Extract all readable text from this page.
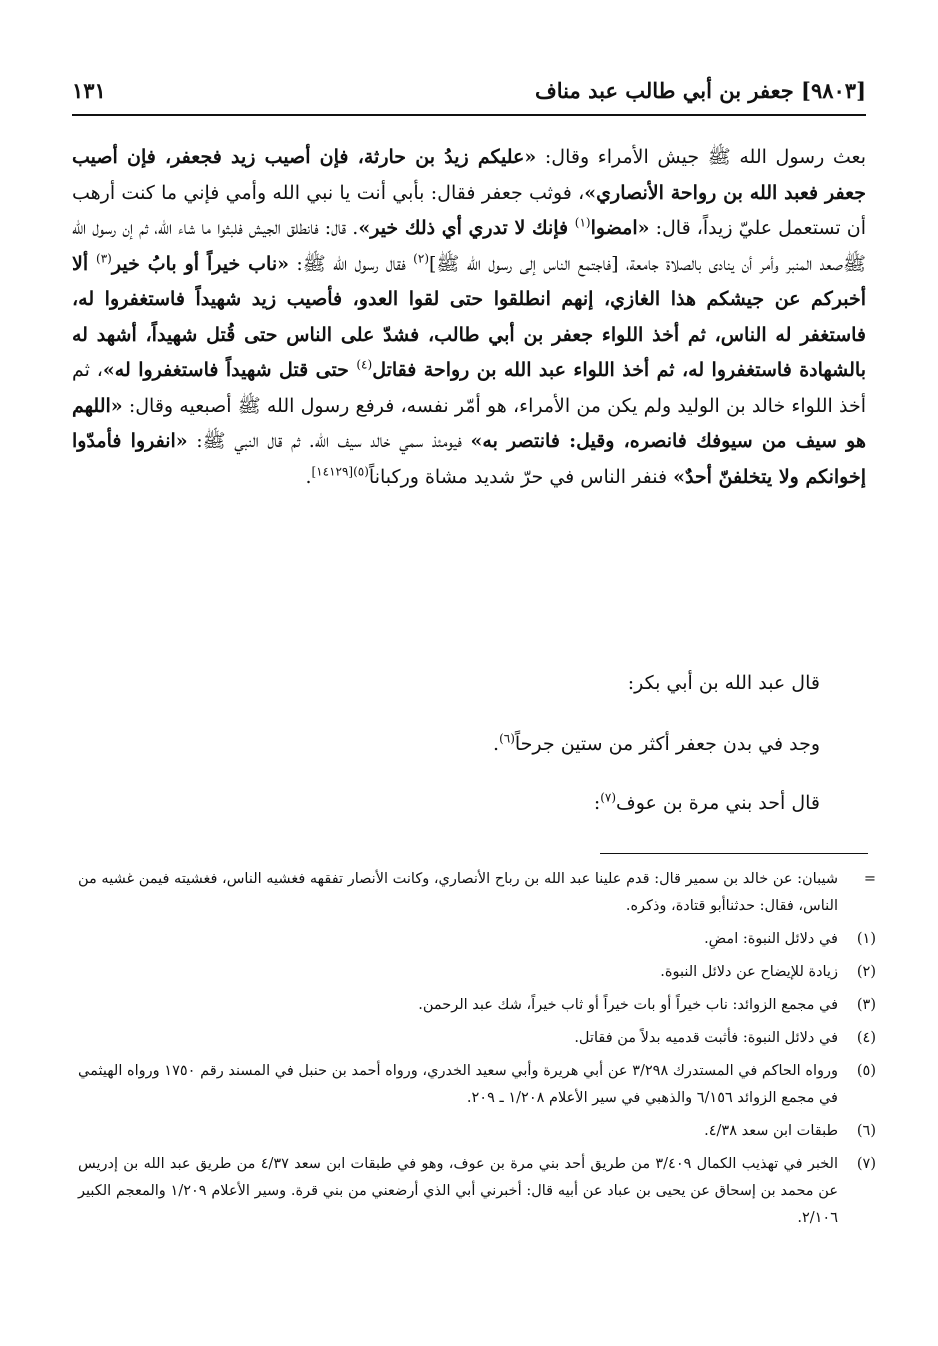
[٩٨٠٣] جعفر بن أبي طالب عبد مناف
١٣١

بعث رسول الله ﷺ جيش الأمراء وقال: «عليكم زيدُ بن حارثة، فإن أصيب زيد فجعفر، فإن أصيب جعفر فعبد الله بن رواحة الأنصاري»، فوثب جعفر فقال: بأبي أنت يا نبي الله وأمي فإني ما كنت أرهب أن تستعمل عليّ زيداً، قال: «امضوا$^{(١)}$ فإنك لا تدري أي ذلك خير». قال: فانطلق الجيش فلبثوا ما شاء الله، ثم إن رسول الله ﷺصعد المنبر وأمر أن ينادى بالصلاة جامعة، [فاجتمع الناس إلى رسول الله ﷺ]$^{(٢)}$ فقال رسول الله ﷺ: «ناب خيراً أو بابُ خير$^{(٣)}$ ألا أخبركم عن جيشكم هذا الغازي، إنهم انطلقوا حتى لقوا العدو، فأصيب زيد شهيداً فاستغفروا له، فاستغفر له الناس، ثم أخذ اللواء جعفر بن أبي طالب، فشدّ على الناس حتى قُتل شهيداً، أشهد له بالشهادة فاستغفروا له، ثم أخذ اللواء عبد الله بن رواحة فقاتل$^{(٤)}$ حتى قتل شهيداً فاستغفروا له»، ثم أخذ اللواء خالد بن الوليد ولم يكن من الأمراء، هو أمّر نفسه، فرفع رسول الله ﷺ أصبعيه وقال: «اللهم هو سيف من سيوفك فانصره، وقيل: فانتصر به» فيومئذ سمي خالد سيف الله. ثم قال النبي ﷺ: «انفروا فأمدّوا إخوانكم ولا يتخلفنّ أحدٌ» فنفر الناس في حرّ شديد مشاة وركباناً$^{(٥)[١٤١٢٩]}$.

قال عبد الله بن أبي بكر:
وجد في بدن جعفر أكثر من ستين جرحاً$^{(٦)}$.
قال أحد بني مرة بن عوف$^{(٧)}$:
=
شيبان: عن خالد بن سمير قال: قدم علينا عبد الله بن رباح الأنصاري، وكانت الأنصار تفقهه فغشيه الناس، فغشيته فيمن غشيه من الناس، فقال: حدثناأبو قتادة، وذكره.
(١)
في دلائل النبوة: امضِ.
(٢)
زيادة للإيضاح عن دلائل النبوة.
(٣)
في مجمع الزوائد: ناب خيراً أو بات خيراً أو ثاب خيراً، شك عبد الرحمن.
(٤)
في دلائل النبوة: فأثبت قدميه بدلاً من فقاتل.
(٥)
ورواه الحاكم في المستدرك ٣/٢٩٨ عن أبي هريرة وأبي سعيد الخدري، ورواه أحمد بن حنبل في المسند رقم ١٧٥٠ ورواه الهيثمي في مجمع الزوائد ٦/١٥٦ والذهبي في سير الأعلام ١/٢٠٨ ـ ٢٠٩.
(٦)
طبقات ابن سعد ٤/٣٨.
(٧)
الخبر في تهذيب الكمال ٣/٤٠٩ من طريق أحد بني مرة بن عوف، وهو في طبقات ابن سعد ٤/٣٧ من طريق عبد الله بن إدريس عن محمد بن إسحاق عن يحيى بن عباد عن أبيه قال: أخبرني أبي الذي أرضعني من بني قرة. وسير الأعلام ١/٢٠٩ والمعجم الكبير ٢/١٠٦.
